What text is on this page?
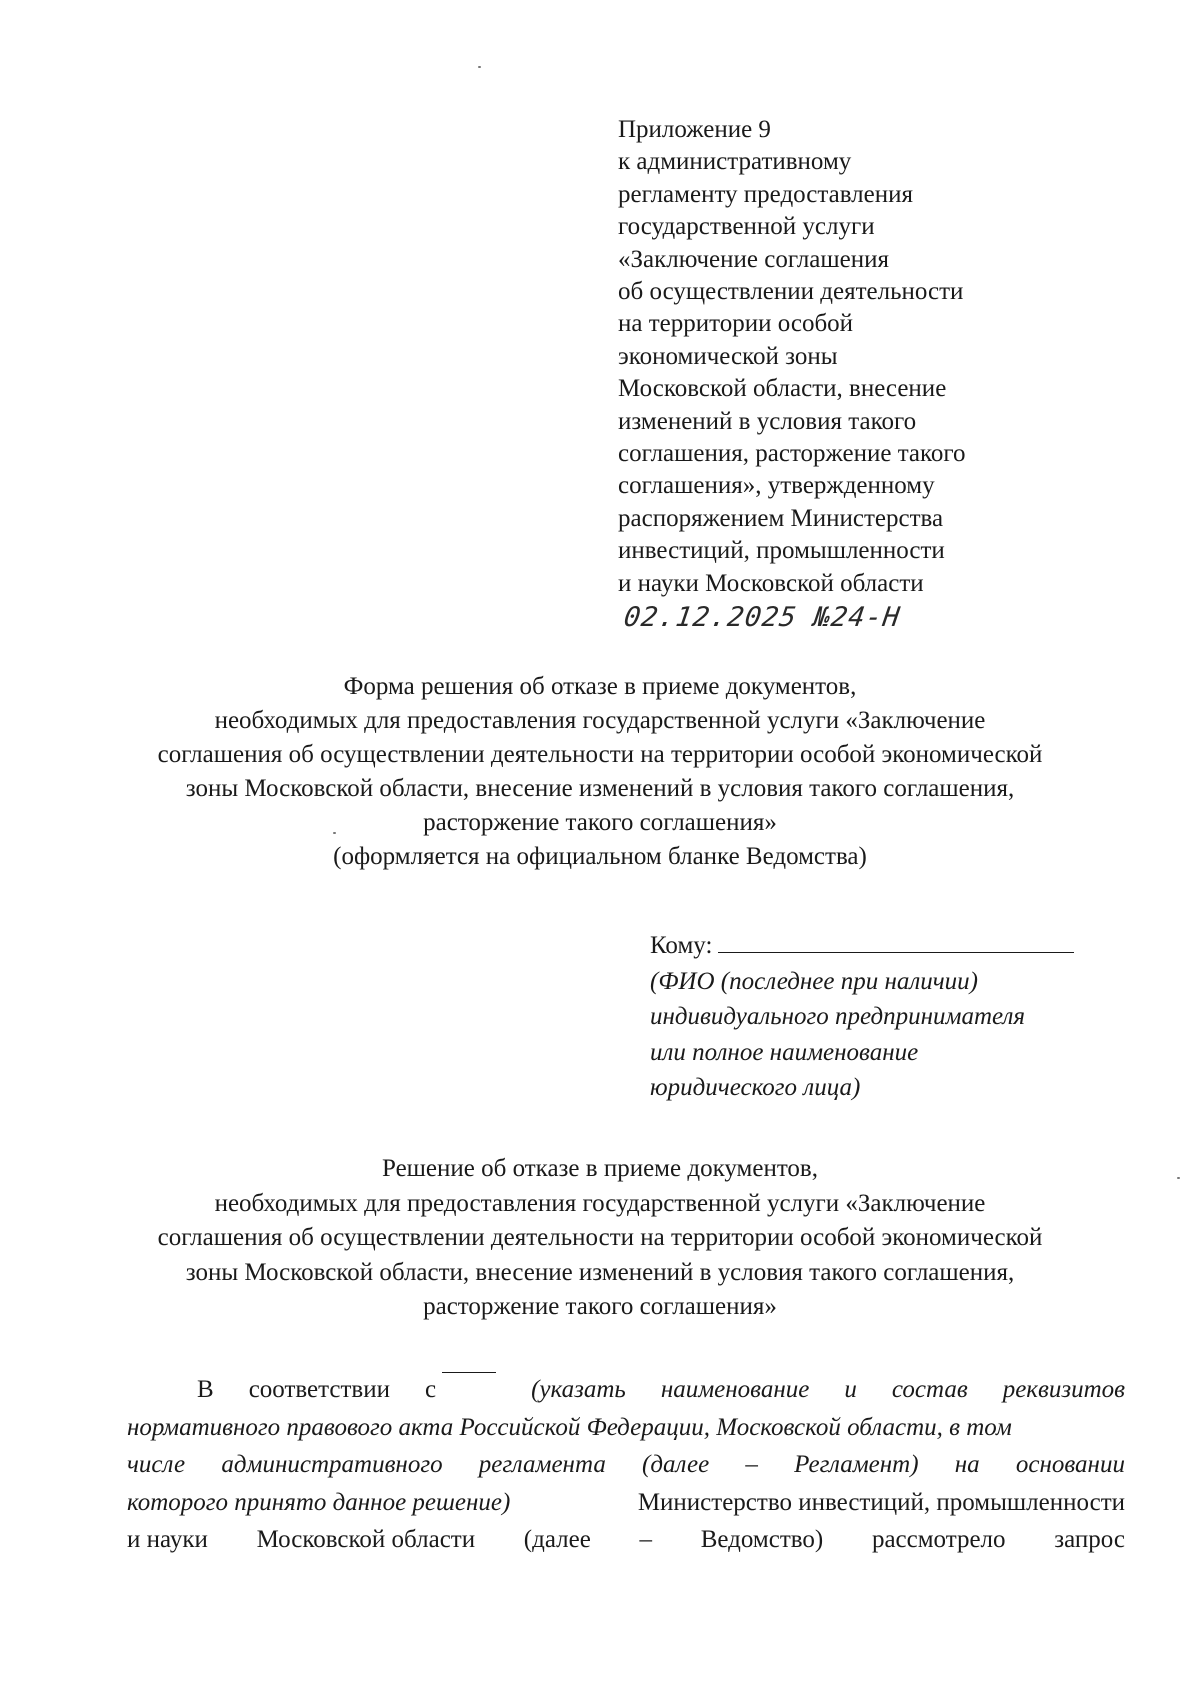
Приложение 9
к административному
регламенту предоставления
государственной услуги
«Заключение соглашения
об осуществлении деятельности
на территории особой
экономической зоны
Московской области, внесение
изменений в условия такого
соглашения, расторжение такого
соглашения», утвержденному
распоряжением Министерства
инвестиций, промышленности
и науки Московской области
02.12.2025 №24-Н
Форма решения об отказе в приеме документов,
необходимых для предоставления государственной услуги «Заключение
соглашения об осуществлении деятельности на территории особой экономической
зоны Московской области, внесение изменений в условия такого соглашения,
расторжение такого соглашения»
(оформляется на официальном бланке Ведомства)
Кому:
(ФИО (последнее при наличии)
индивидуального предпринимателя
или полное наименование
юридического лица)
Решение об отказе в приеме документов,
необходимых для предоставления государственной услуги «Заключение
соглашения об осуществлении деятельности на территории особой экономической
зоны Московской области, внесение изменений в условия такого соглашения,
расторжение такого соглашения»
В соответствии с	(указать наименование и состав реквизитов
нормативного правового акта Российской Федерации, Московской области, в том
числе административного регламента (далее – Регламент) на основании
которого принято данное решение)	Министерство инвестиций, промышленности
и науки Московской области (далее – Ведомство) рассмотрело запрос
